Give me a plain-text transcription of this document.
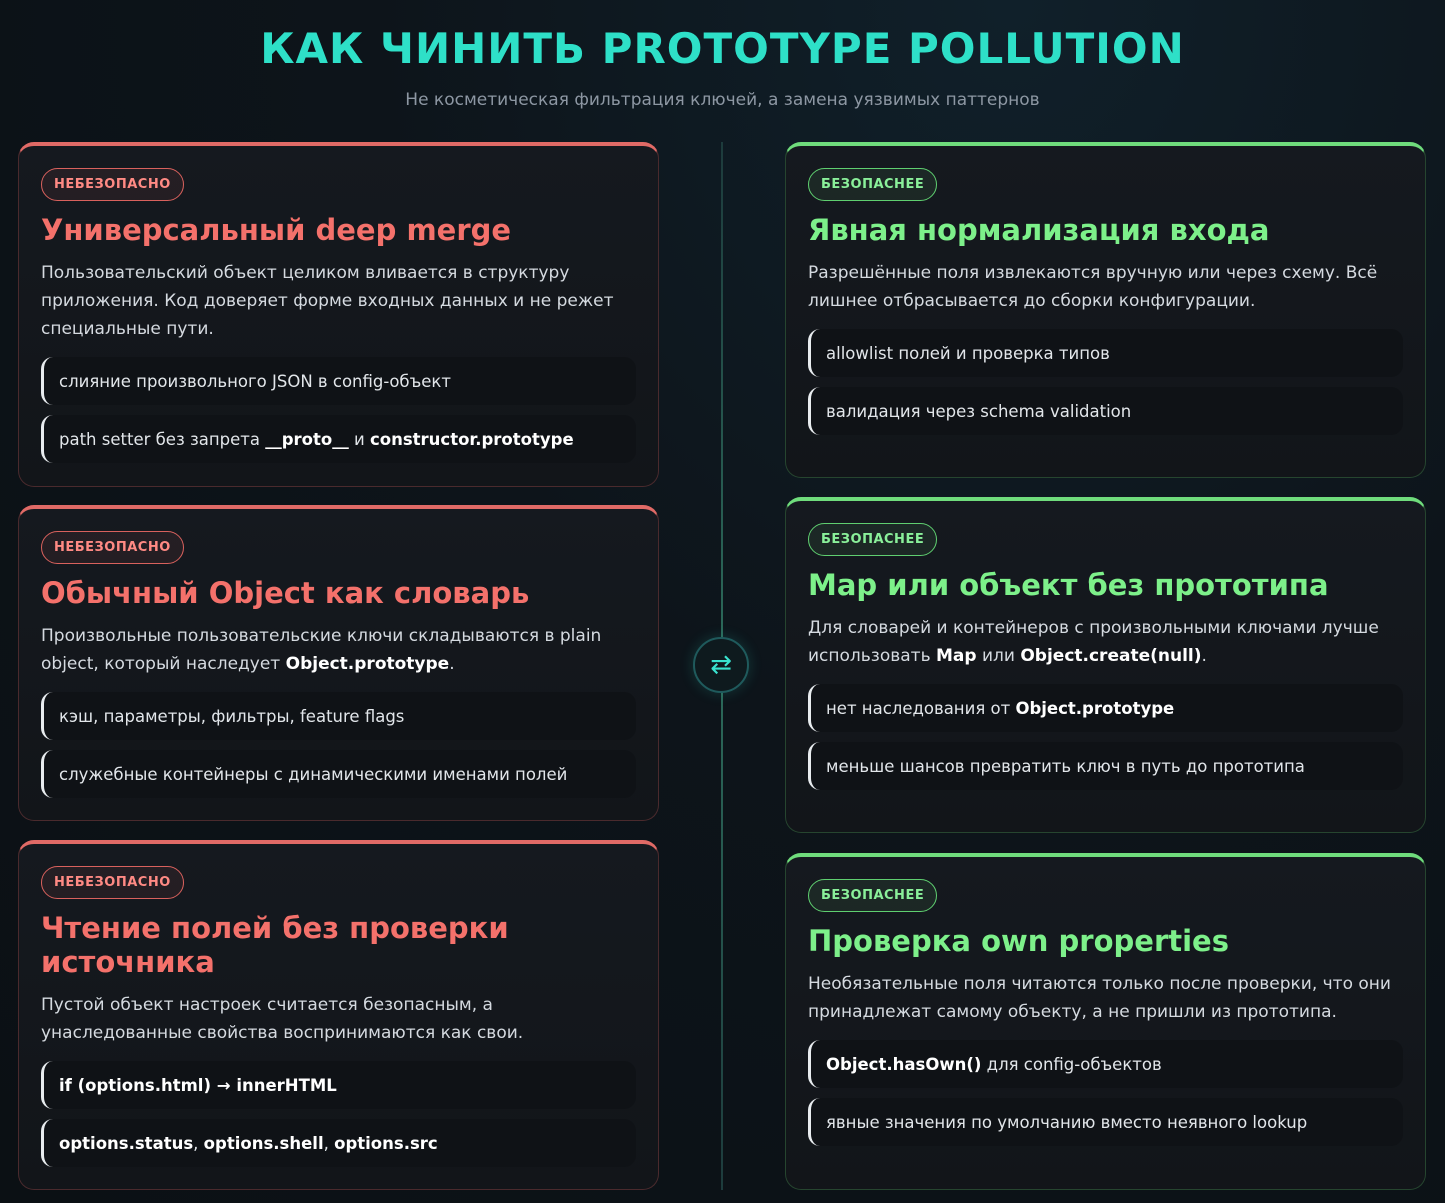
КАК ЧИНИТЬ PROTOTYPE POLLUTION
Не косметическая фильтрация ключей, а замена уязвимых паттернов
НЕБЕЗОПАСНО
Универсальный deep merge
Пользовательский объект целиком вливается в структуру приложения. Код доверяет форме входных данных и не режет специальные пути.
слияние произвольного JSON в config-объект
path setter без запрета __proto__ и constructor.prototype
НЕБЕЗОПАСНО
Обычный Object как словарь
Произвольные пользовательские ключи складываются в plain object, который наследует Object.prototype.
кэш, параметры, фильтры, feature flags
служебные контейнеры с динамическими именами полей
НЕБЕЗОПАСНО
Чтение полей без проверки источника
Пустой объект настроек считается безопасным, а унаследованные свойства воспринимаются как свои.
if (options.html) → innerHTML
options.status, options.shell, options.src
⇄
БЕЗОПАСНЕЕ
Явная нормализация входа
Разрешённые поля извлекаются вручную или через схему. Всё лишнее отбрасывается до сборки конфигурации.
allowlist полей и проверка типов
валидация через schema validation
БЕЗОПАСНЕЕ
Map или объект без прототипа
Для словарей и контейнеров с произвольными ключами лучше использовать Map или Object.create(null).
нет наследования от Object.prototype
меньше шансов превратить ключ в путь до прототипа
БЕЗОПАСНЕЕ
Проверка own properties
Необязательные поля читаются только после проверки, что они принадлежат самому объекту, а не пришли из прототипа.
Object.hasOwn() для config-объектов
явные значения по умолчанию вместо неявного lookup
